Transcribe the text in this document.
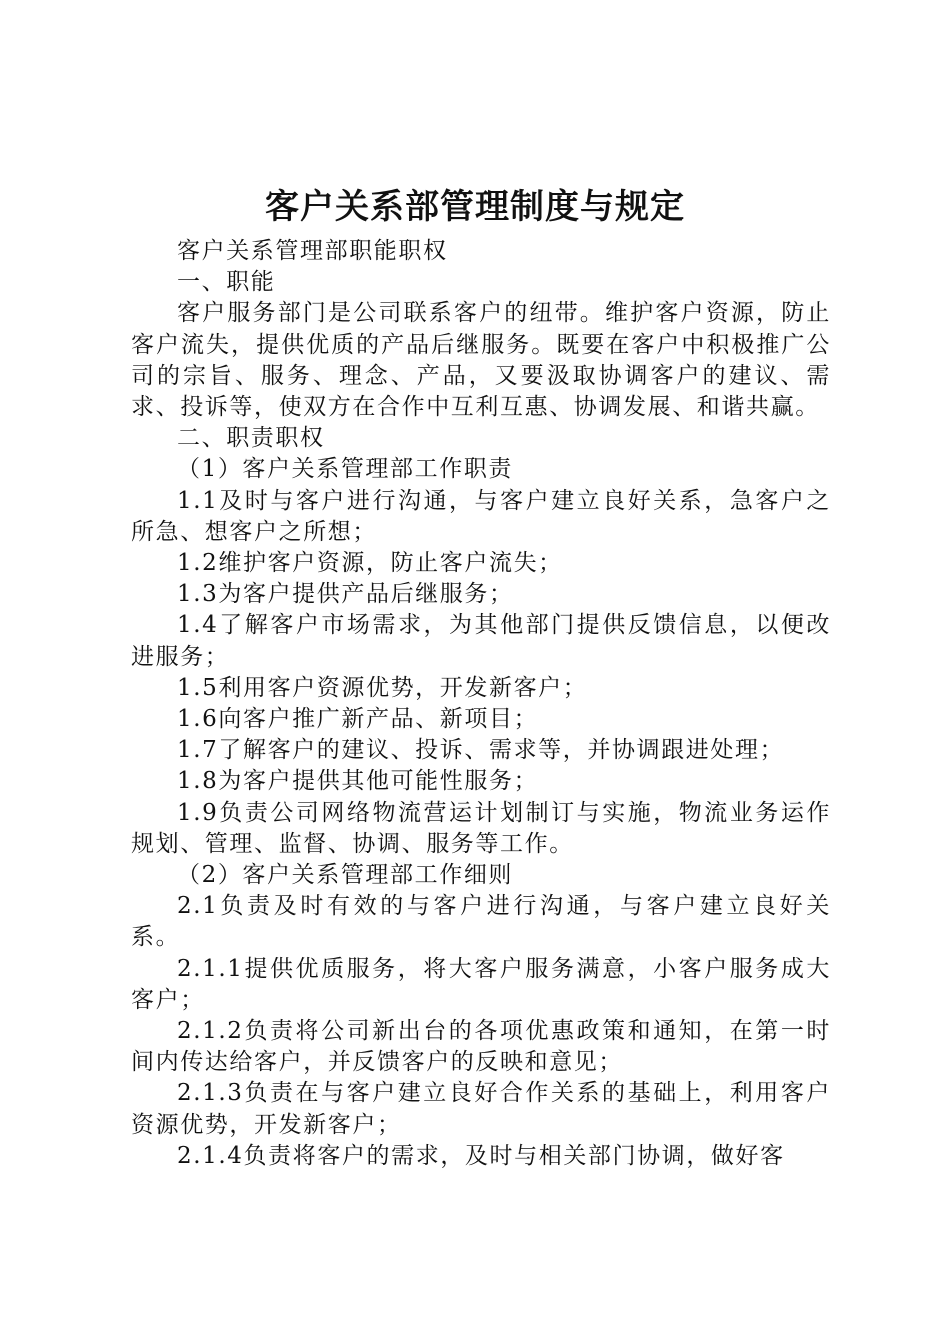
客户关系部管理制度与规定

客户关系管理部职能职权

一、职能

客户服务部门是公司联系客户的纽带。维护客户资源，防止客户流失，提供优质的产品后继服务。既要在客户中积极推广公司的宗旨、服务、理念、产品，又要汲取协调客户的建议、需求、投诉等，使双方在合作中互利互惠、协调发展、和谐共赢。

二、职责职权

（1）客户关系管理部工作职责

1.1及时与客户进行沟通，与客户建立良好关系，急客户之所急、想客户之所想；

1.2维护客户资源，防止客户流失；

1.3为客户提供产品后继服务；

1.4了解客户市场需求，为其他部门提供反馈信息，以便改进服务；

1.5利用客户资源优势，开发新客户；

1.6向客户推广新产品、新项目；

1.7了解客户的建议、投诉、需求等，并协调跟进处理；

1.8为客户提供其他可能性服务；

1.9负责公司网络物流营运计划制订与实施，物流业务运作规划、管理、监督、协调、服务等工作。

（2）客户关系管理部工作细则

2.1负责及时有效的与客户进行沟通，与客户建立良好关系。

2.1.1提供优质服务，将大客户服务满意，小客户服务成大客户；

2.1.2负责将公司新出台的各项优惠政策和通知，在第一时间内传达给客户，并反馈客户的反映和意见；

2.1.3负责在与客户建立良好合作关系的基础上，利用客户资源优势，开发新客户；

2.1.4负责将客户的需求，及时与相关部门协调，做好客
